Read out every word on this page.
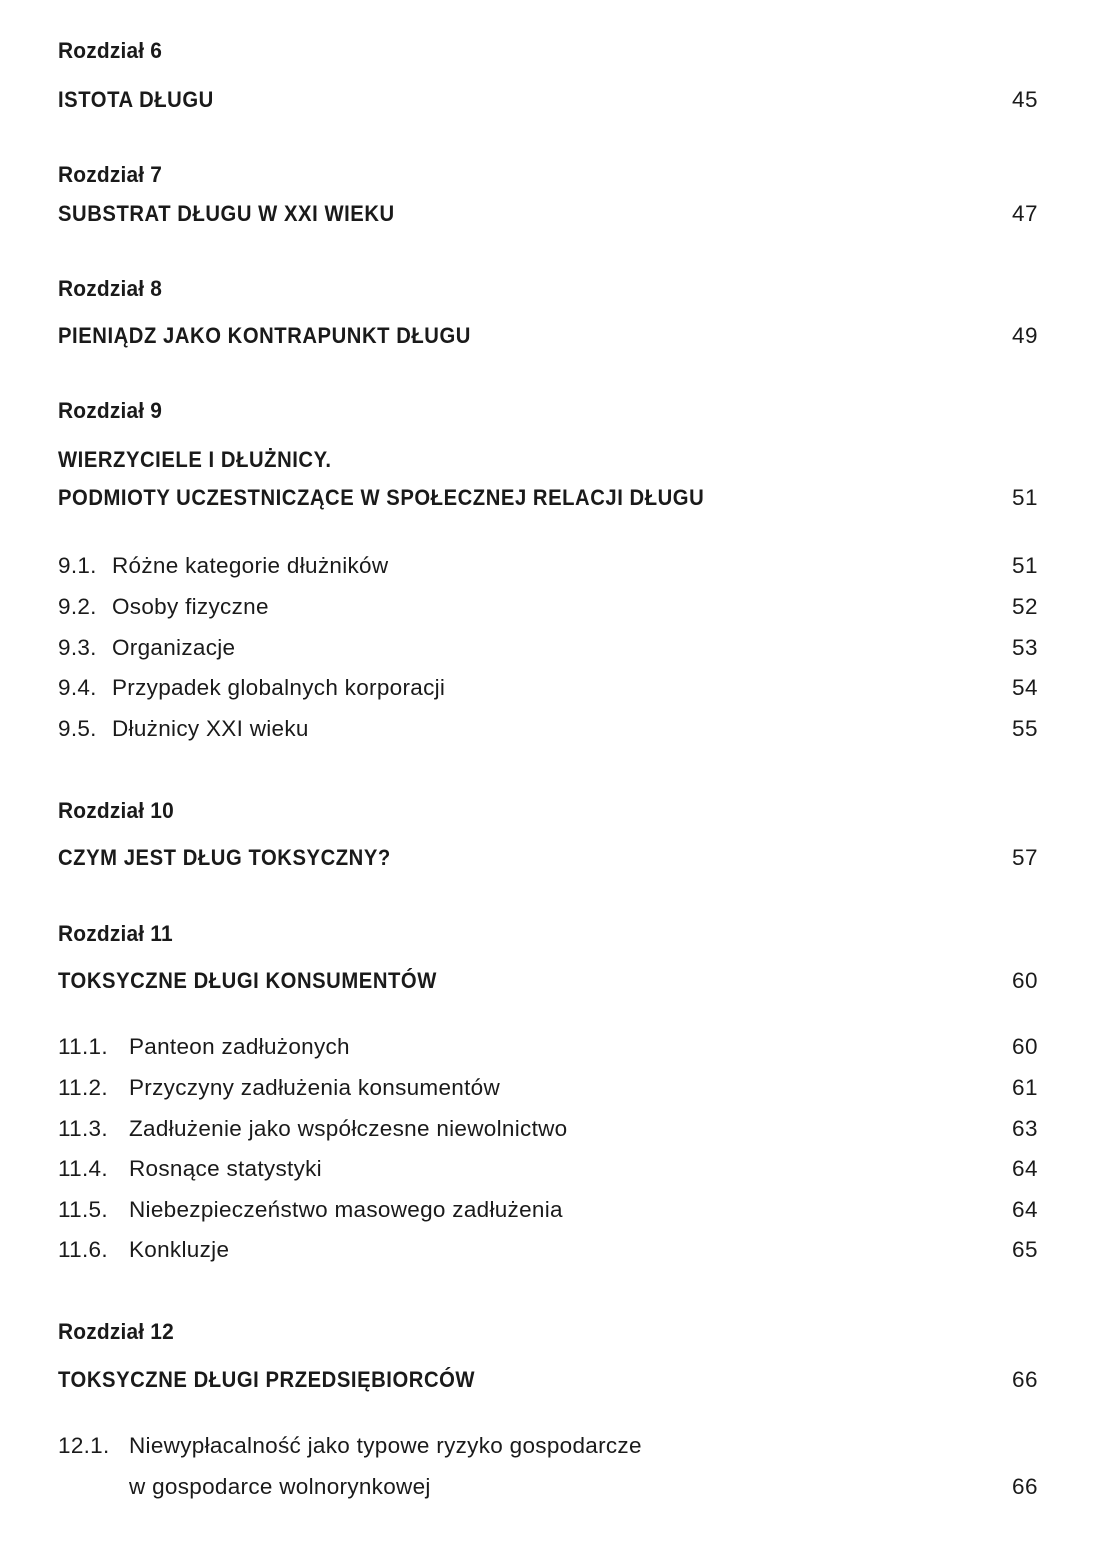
Rozdział 6
ISTOTA DŁUGU	45
Rozdział 7
SUBSTRAT DŁUGU W XXI WIEKU	47
Rozdział 8
PIENIĄDZ JAKO KONTRAPUNKT DŁUGU	49
Rozdział 9
WIERZYCIELE I DŁUŻNICY.
PODMIOTY UCZESTNICZĄCE W SPOŁECZNEJ RELACJI DŁUGU	51
9.1. Różne kategorie dłużników	51
9.2. Osoby fizyczne	52
9.3. Organizacje	53
9.4. Przypadek globalnych korporacji	54
9.5. Dłużnicy XXI wieku	55
Rozdział 10
CZYM JEST DŁUG TOKSYCZNY?	57
Rozdział 11
TOKSYCZNE DŁUGI KONSUMENTÓW	60
11.1. Panteon zadłużonych	60
11.2. Przyczyny zadłużenia konsumentów	61
11.3. Zadłużenie jako współczesne niewolnictwo	63
11.4. Rosnące statystyki	64
11.5. Niebezpieczeństwo masowego zadłużenia	64
11.6. Konkluzje	65
Rozdział 12
TOKSYCZNE DŁUGI PRZEDSIĘBIORCÓW	66
12.1. Niewypłacalność jako typowe ryzyko gospodarcze
w gospodarce wolnorynkowej	66
